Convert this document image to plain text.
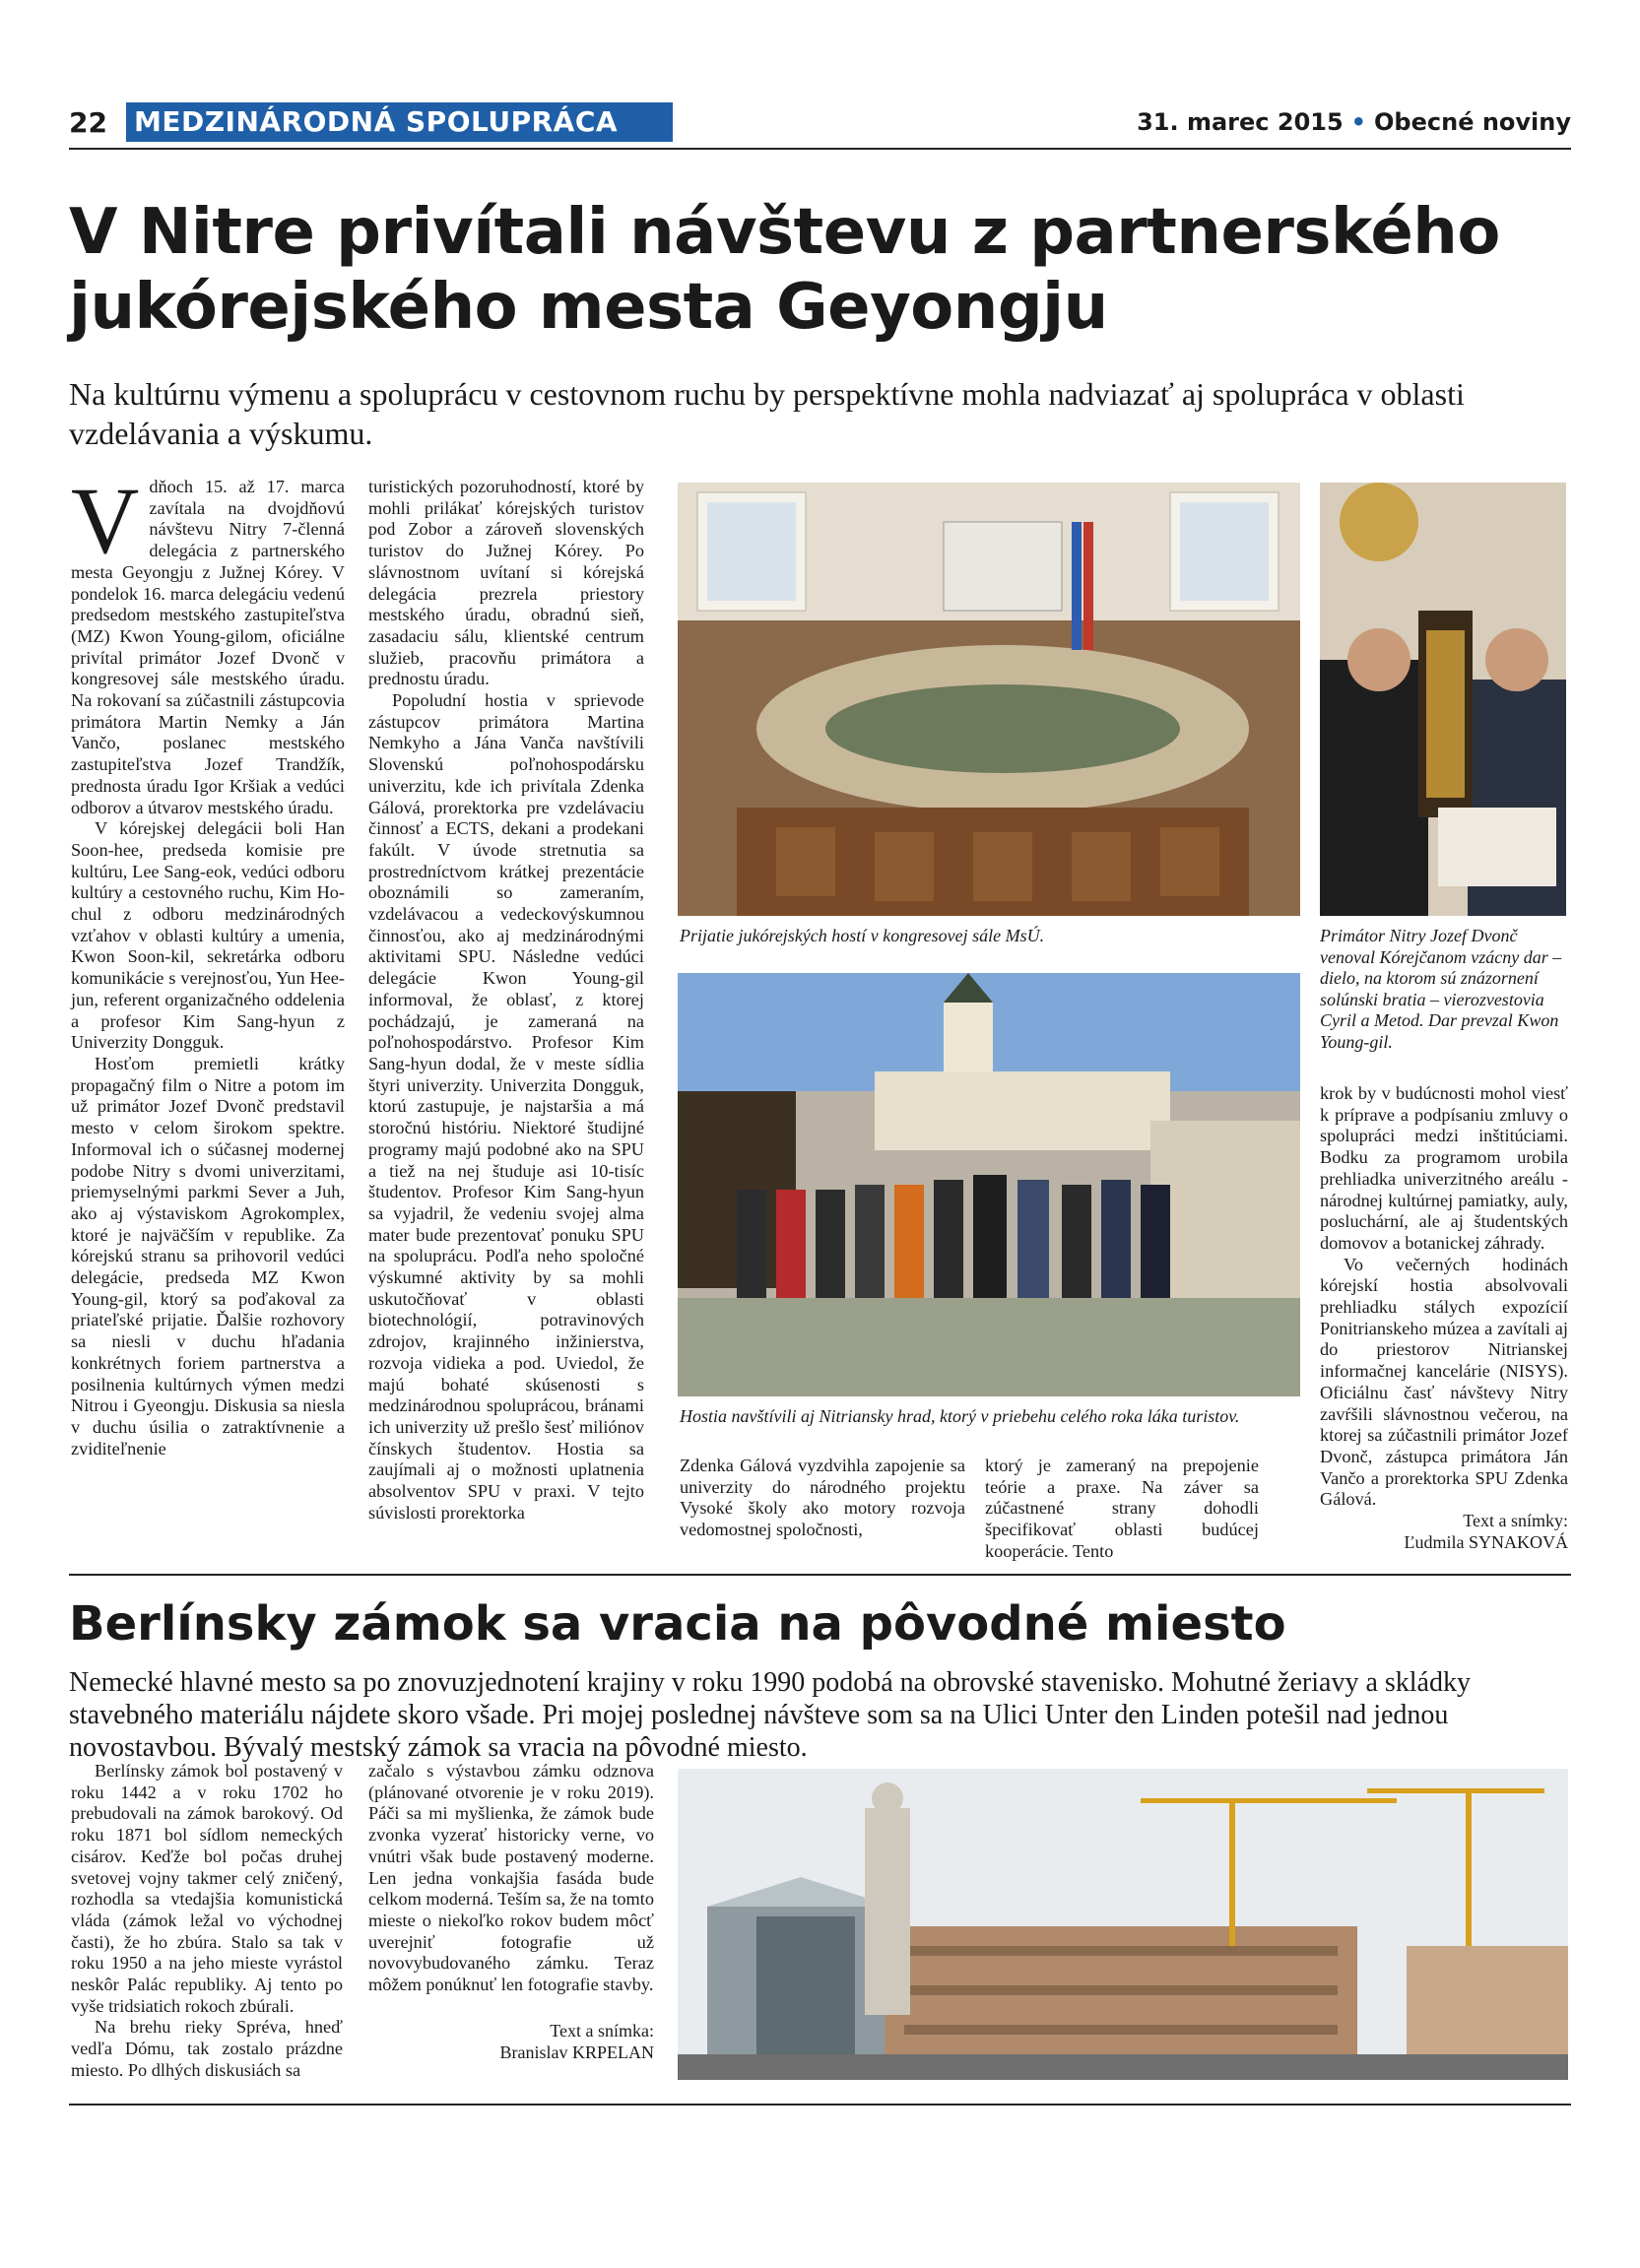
22 MEDZINÁRODNÁ SPOLUPRÁCA	31. marec 2015 • Obecné noviny
V Nitre privítali návštevu z partnerského jukórejského mesta Geyongju

Na kultúrnu výmenu a spoluprácu v cestovnom ruchu by perspektívne mohla nadviazať aj spolupráca v oblasti vzdelávania a výskumu.

Vdňoch 15. až 17. marca zavítala na dvojdňovú návštevu Nitry 7-členná delegácia z partnerského mesta Geyongju z Južnej Kórey. V pondelok 16. marca delegáciu vedenú predsedom mestského zastupiteľstva (MZ) Kwon Young-gilom, oficiálne privítal primátor Jozef Dvonč v kongresovej sále mestského úradu. Na rokovaní sa zúčastnili zástupcovia primátora Martin Nemky a Ján Vančo, poslanec mestského zastupiteľstva Jozef Trandžík, prednosta úradu Igor Kršiak a vedúci odborov a útvarov mestského úradu.

V kórejskej delegácii boli Han Soon-hee, predseda komisie pre kultúru, Lee Sang-eok, vedúci odboru kultúry a cestovného ruchu, Kim Ho-chul z odboru medzinárodných vzťahov v oblasti kultúry a umenia, Kwon Soon-kil, sekretárka odboru komunikácie s verejnosťou, Yun Hee-jun, referent organizačného oddelenia a profesor Kim Sang-hyun z Univerzity Dongguk.

Hosťom premietli krátky propagačný film o Nitre a potom im už primátor Jozef Dvonč predstavil mesto v celom širokom spektre. Informoval ich o súčasnej modernej podobe Nitry s dvomi univerzitami, priemyselnými parkmi Sever a Juh, ako aj výstaviskom Agrokomplex, ktoré je najväčším v republike. Za kórejskú stranu sa prihovoril vedúci delegácie, predseda MZ Kwon Young-gil, ktorý sa poďakoval za priateľské prijatie. Ďalšie rozhovory sa niesli v duchu hľadania konkrétnych foriem partnerstva a posilnenia kultúrnych výmen medzi Nitrou i Gyeongju. Diskusia sa niesla v duchu úsilia o zatraktívnenie a zviditeľnenie

turistických pozoruhodností, ktoré by mohli prilákať kórejských turistov pod Zobor a zároveň slovenských turistov do Južnej Kórey. Po slávnostnom uvítaní si kórejská delegácia prezrela priestory mestského úradu, obradnú sieň, zasadaciu sálu, klientské centrum služieb, pracovňu primátora a prednostu úradu.

Popoludní hostia v sprievode zástupcov primátora Martina Nemkyho a Jána Vanča navštívili Slovenskú poľnohospodársku univerzitu, kde ich privítala Zdenka Gálová, prorektorka pre vzdelávaciu činnosť a ECTS, dekani a prodekani fakúlt. V úvode stretnutia sa prostredníctvom krátkej prezentácie oboznámili so zameraním, vzdelávacou a vedeckovýskumnou činnosťou, ako aj medzinárodnými aktivitami SPU. Následne vedúci delegácie Kwon Young-gil informoval, že oblasť, z ktorej pochádzajú, je zameraná na poľnohospodárstvo. Profesor Kim Sang-hyun dodal, že v meste sídlia štyri univerzity. Univerzita Dongguk, ktorú zastupuje, je najstaršia a má storočnú históriu. Niektoré študijné programy majú podobné ako na SPU a tiež na nej študuje asi 10-tisíc študentov. Profesor Kim Sang-hyun sa vyjadril, že vedeniu svojej alma mater bude prezentovať ponuku SPU na spoluprácu. Podľa neho spoločné výskumné aktivity by sa mohli uskutočňovať v oblasti biotechnológií, potravinových zdrojov, krajinného inžinierstva, rozvoja vidieka a pod. Uviedol, že majú bohaté skúsenosti s medzinárodnou spoluprácou, bránami ich univerzity už prešlo šesť miliónov čínskych študentov. Hostia sa zaujímali aj o možnosti uplatnenia absolventov SPU v praxi. V tejto súvislosti prorektorka

Prijatie jukórejských hostí v kongresovej sále MsÚ.	Primátor Nitry Jozef Dvonč venoval Kórejčanom vzácny dar – dielo, na ktorom sú znázornení solúnski bratia – vierozvestovia Cyril a Metod. Dar prevzal Kwon Young-gil.
Hostia navštívili aj Nitriansky hrad, ktorý v priebehu celého roka láka turistov.

Zdenka Gálová vyzdvihla zapojenie sa univerzity do národného projektu Vysoké školy ako motory rozvoja vedomostnej spoločnosti,

ktorý je zameraný na prepojenie teórie a praxe. Na záver sa zúčastnené strany dohodli špecifikovať oblasti budúcej kooperácie. Tento

krok by v budúcnosti mohol viesť k príprave a podpísaniu zmluvy o spolupráci medzi inštitúciami. Bodku za programom urobila prehliadka univerzitného areálu - národnej kultúrnej pamiatky, auly, posluchární, ale aj študentských domovov a botanickej záhrady.

Vo večerných hodinách kórejskí hostia absolvovali prehliadku stálych expozícií Ponitrianskeho múzea a zavítali aj do priestorov Nitrianskej informačnej kancelárie (NISYS). Oficiálnu časť návštevy Nitry zavŕšili slávnostnou večerou, na ktorej sa zúčastnili primátor Jozef Dvonč, zástupca primátora Ján Vančo a prorektorka SPU Zdenka Gálová.

Text a snímky:
Ľudmila SYNAKOVÁ
Berlínsky zámok sa vracia na pôvodné miesto

Nemecké hlavné mesto sa po znovuzjednotení krajiny v roku 1990 podobá na obrovské stavenisko. Mohutné žeriavy a skládky stavebného materiálu nájdete skoro všade. Pri mojej poslednej návšteve som sa na Ulici Unter den Linden potešil nad jednou novostavbou. Bývalý mestský zámok sa vracia na pôvodné miesto.

Berlínsky zámok bol postavený v roku 1442 a v roku 1702 ho prebudovali na zámok barokový. Od roku 1871 bol sídlom nemeckých cisárov. Keďže bol počas druhej svetovej vojny takmer celý zničený, rozhodla sa vtedajšia komunistická vláda (zámok ležal vo východnej časti), že ho zbúra. Stalo sa tak v roku 1950 a na jeho mieste vyrástol neskôr Palác republiky. Aj tento po vyše tridsiatich rokoch zbúrali.

Na brehu rieky Spréva, hneď vedľa Dómu, tak zostalo prázdne miesto. Po dlhých diskusiách sa

začalo s výstavbou zámku odznova (plánované otvorenie je v roku 2019). Páči sa mi myšlienka, že zámok bude zvonka vyzerať historicky verne, vo vnútri však bude postavený moderne. Len jedna vonkajšia fasáda bude celkom moderná. Teším sa, že na tomto mieste o niekoľko rokov budem môcť uverejniť fotografie už novovybudovaného zámku. Teraz môžem ponúknuť len fotografie stavby.

Text a snímka:
Branislav KRPELAN
